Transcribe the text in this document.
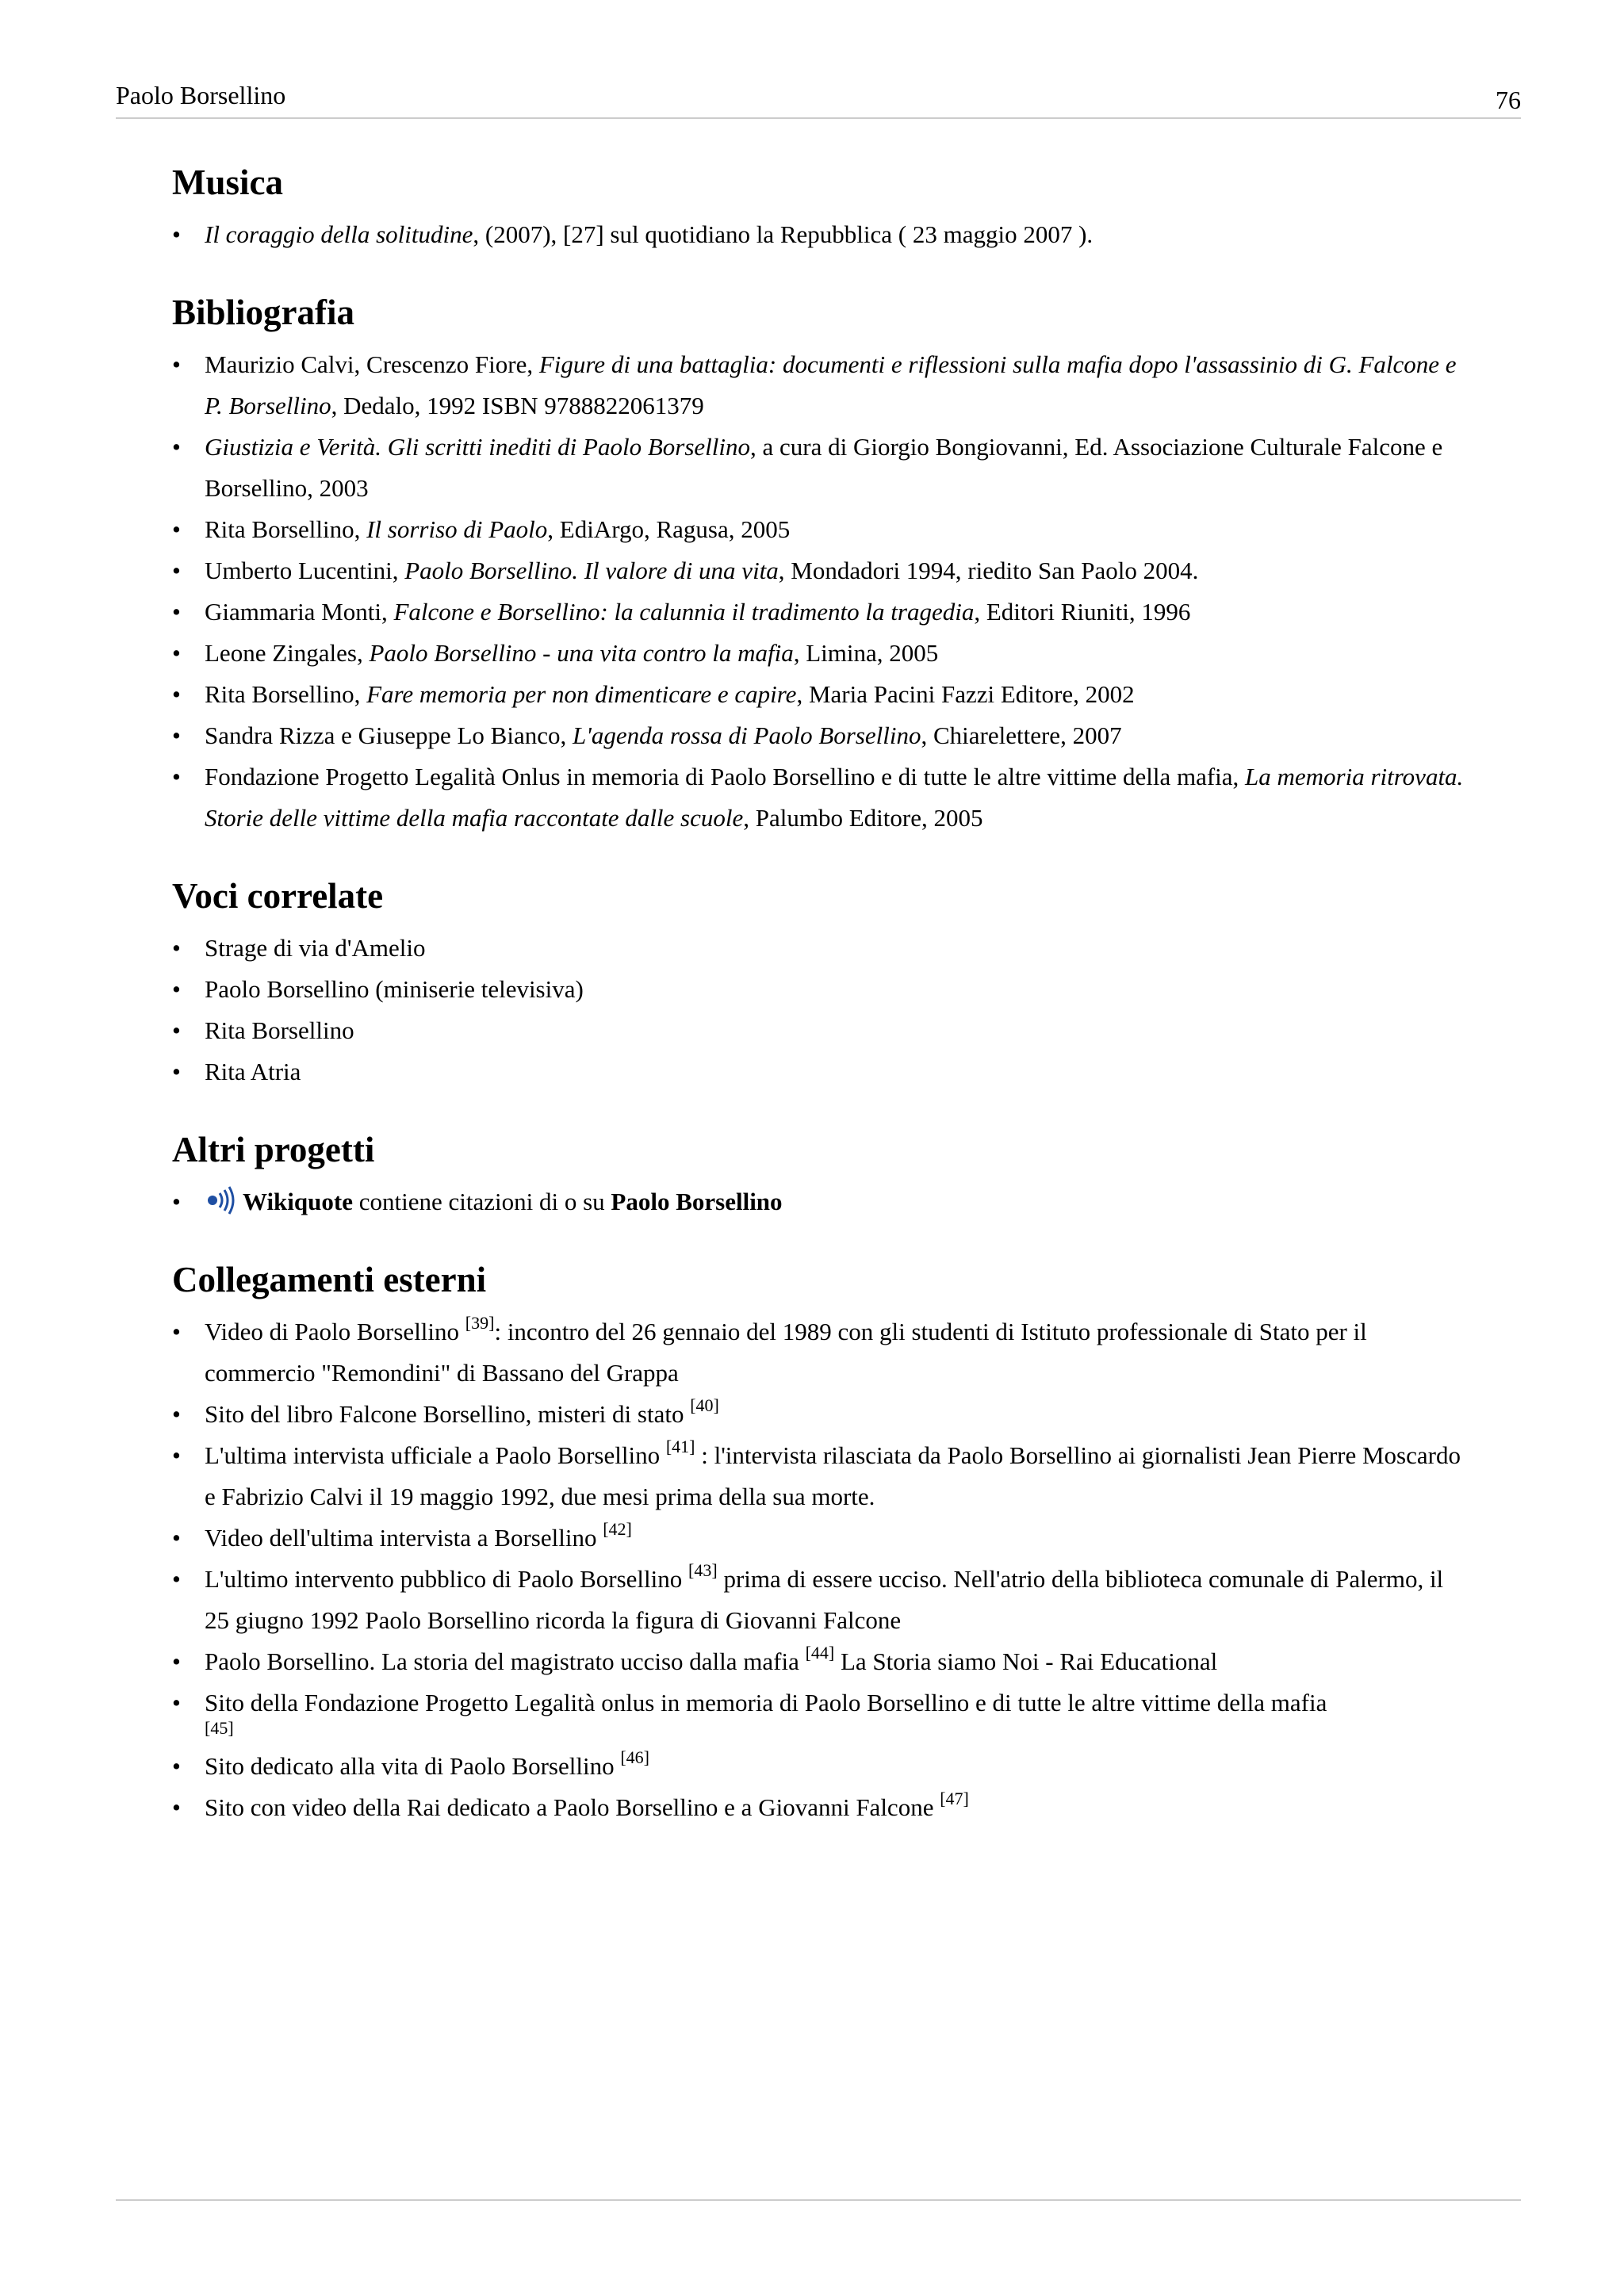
Paolo Borsellino	76
Musica
• Il coraggio della solitudine, (2007), [27] sul quotidiano la Repubblica ( 23 maggio 2007 ).
Bibliografia
• Maurizio Calvi, Crescenzo Fiore, Figure di una battaglia: documenti e riflessioni sulla mafia dopo l'assassinio di G. Falcone e P. Borsellino, Dedalo, 1992 ISBN 9788822061379
• Giustizia e Verità. Gli scritti inediti di Paolo Borsellino, a cura di Giorgio Bongiovanni, Ed. Associazione Culturale Falcone e Borsellino, 2003
• Rita Borsellino, Il sorriso di Paolo, EdiArgo, Ragusa, 2005
• Umberto Lucentini, Paolo Borsellino. Il valore di una vita, Mondadori 1994, riedito San Paolo 2004.
• Giammaria Monti, Falcone e Borsellino: la calunnia il tradimento la tragedia, Editori Riuniti, 1996
• Leone Zingales, Paolo Borsellino - una vita contro la mafia, Limina, 2005
• Rita Borsellino, Fare memoria per non dimenticare e capire, Maria Pacini Fazzi Editore, 2002
• Sandra Rizza e Giuseppe Lo Bianco, L'agenda rossa di Paolo Borsellino, Chiarelettere, 2007
• Fondazione Progetto Legalità Onlus in memoria di Paolo Borsellino e di tutte le altre vittime della mafia, La memoria ritrovata. Storie delle vittime della mafia raccontate dalle scuole, Palumbo Editore, 2005
Voci correlate
• Strage di via d'Amelio
• Paolo Borsellino (miniserie televisiva)
• Rita Borsellino
• Rita Atria
Altri progetti
• Wikiquote contiene citazioni di o su Paolo Borsellino
Collegamenti esterni
• Video di Paolo Borsellino [39]: incontro del 26 gennaio del 1989 con gli studenti di Istituto professionale di Stato per il commercio "Remondini" di Bassano del Grappa
• Sito del libro Falcone Borsellino, misteri di stato [40]
• L'ultima intervista ufficiale a Paolo Borsellino [41] : l'intervista rilasciata da Paolo Borsellino ai giornalisti Jean Pierre Moscardo e Fabrizio Calvi il 19 maggio 1992, due mesi prima della sua morte.
• Video dell'ultima intervista a Borsellino [42]
• L'ultimo intervento pubblico di Paolo Borsellino [43] prima di essere ucciso. Nell'atrio della biblioteca comunale di Palermo, il 25 giugno 1992 Paolo Borsellino ricorda la figura di Giovanni Falcone
• Paolo Borsellino. La storia del magistrato ucciso dalla mafia [44] La Storia siamo Noi - Rai Educational
• Sito della Fondazione Progetto Legalità onlus in memoria di Paolo Borsellino e di tutte le altre vittime della mafia
[45]
• Sito dedicato alla vita di Paolo Borsellino [46]
• Sito con video della Rai dedicato a Paolo Borsellino e a Giovanni Falcone [47]
